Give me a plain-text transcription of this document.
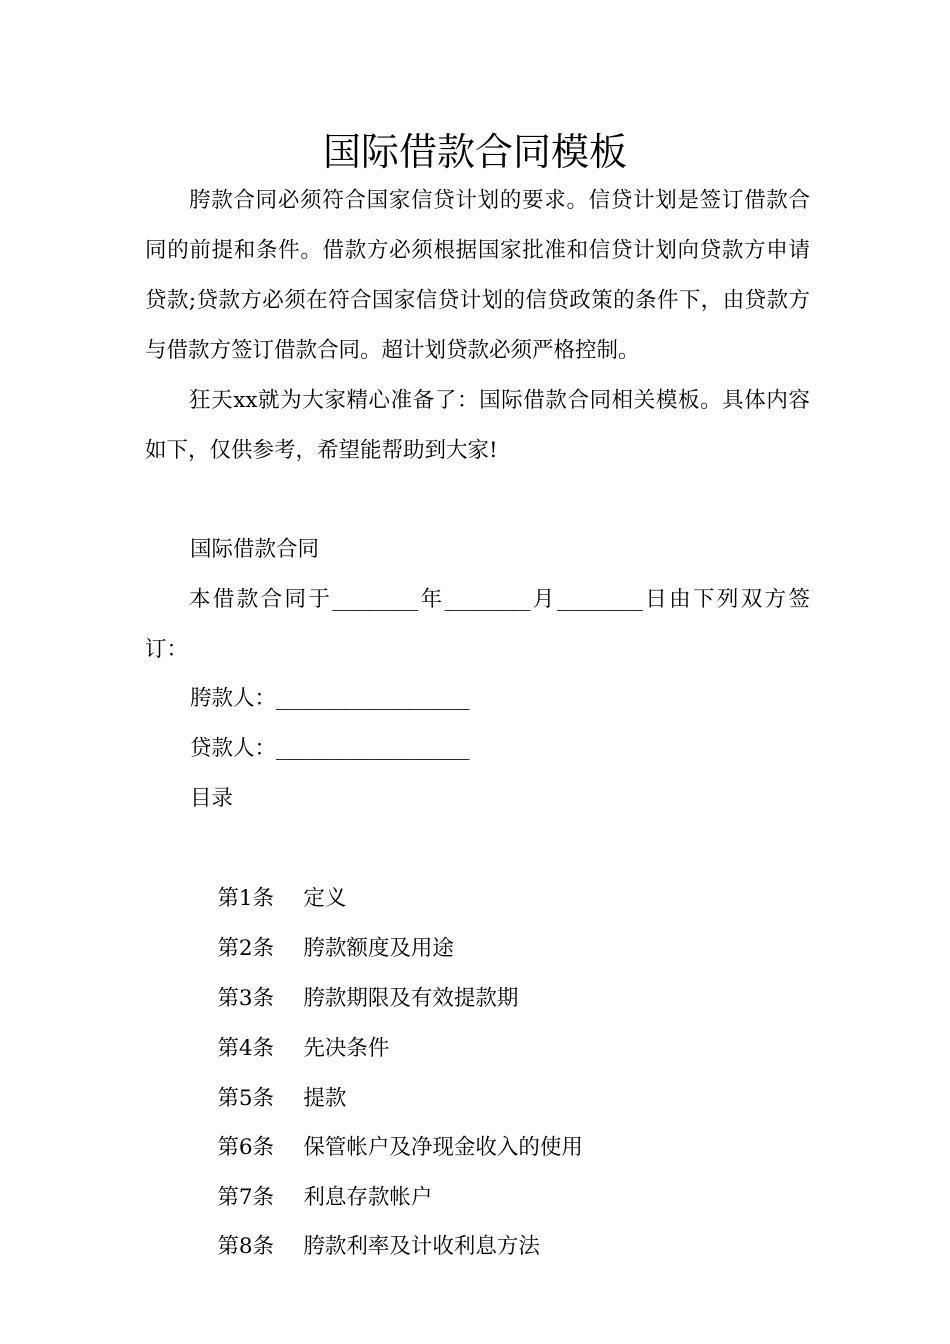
国际借款合同模板

胯款合同必须符合国家信贷计划的要求。信贷计划是签订借款合同的前提和条件。借款方必须根据国家批准和信贷计划向贷款方申请贷款;贷款方必须在符合国家信贷计划的信贷政策的条件下，由贷款方与借款方签订借款合同。超计划贷款必须严格控制。

狂天xx就为大家精心准备了：国际借款合同相关模板。具体内容如下，仅供参考，希望能帮助到大家!

国际借款合同

本借款合同于________年________月________日由下列双方签订：

胯款人：__________________
贷款人：__________________
目录

第1条 定义

第2条 胯款额度及用途

第3条 胯款期限及有效提款期

第4条 先决条件

第5条 提款

第6条 保管帐户及净现金收入的使用

第7条 利息存款帐户

第8条 胯款利率及计收利息方法
